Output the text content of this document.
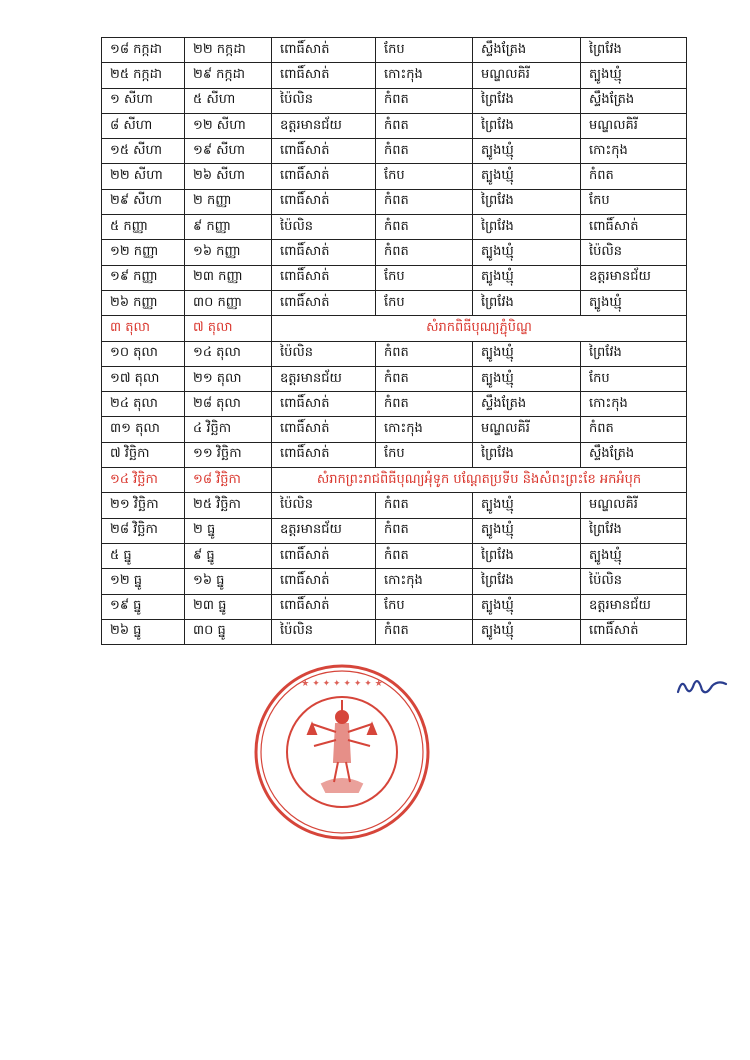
១៨ កក្កដា	២២ កក្កដា	ពោធិ៍សាត់	កែប	ស្ទឹងត្រែង	ព្រៃវែង
២៥ កក្កដា	២៩ កក្កដា	ពោធិ៍សាត់	កោះកុង	មណ្ឌលគិរី	ត្បូងឃ្មុំ
១ សីហា	៥ សីហា	ប៉ៃលិន	កំពត	ព្រៃវែង	ស្ទឹងត្រែង
៨ សីហា	១២ សីហា	ឧត្តរមានជ័យ	កំពត	ព្រៃវែង	មណ្ឌលគិរី
១៥ សីហា	១៩ សីហា	ពោធិ៍សាត់	កំពត	ត្បូងឃ្មុំ	កោះកុង
២២ សីហា	២៦ សីហា	ពោធិ៍សាត់	កែប	ត្បូងឃ្មុំ	កំពត
២៩ សីហា	២ កញ្ញា	ពោធិ៍សាត់	កំពត	ព្រៃវែង	កែប
៥ កញ្ញា	៩ កញ្ញា	ប៉ៃលិន	កំពត	ព្រៃវែង	ពោធិ៍សាត់
១២ កញ្ញា	១៦ កញ្ញា	ពោធិ៍សាត់	កំពត	ត្បូងឃ្មុំ	ប៉ៃលិន
១៩ កញ្ញា	២៣ កញ្ញា	ពោធិ៍សាត់	កែប	ត្បូងឃ្មុំ	ឧត្តរមានជ័យ
២៦ កញ្ញា	៣០ កញ្ញា	ពោធិ៍សាត់	កែប	ព្រៃវែង	ត្បូងឃ្មុំ
៣ តុលា	៧ តុលា	សំរាកពិធីបុណ្យភ្ជុំបិណ្ឌ			
១០ តុលា	១៤ តុលា	ប៉ៃលិន	កំពត	ត្បូងឃ្មុំ	ព្រៃវែង
១៧ តុលា	២១ តុលា	ឧត្តរមានជ័យ	កំពត	ត្បូងឃ្មុំ	កែប
២៤ តុលា	២៨ តុលា	ពោធិ៍សាត់	កំពត	ស្ទឹងត្រែង	កោះកុង
៣១ តុលា	៤ វិច្ឆិកា	ពោធិ៍សាត់	កោះកុង	មណ្ឌលគិរី	កំពត
៧ វិច្ឆិកា	១១ វិច្ឆិកា	ពោធិ៍សាត់	កែប	ព្រៃវែង	ស្ទឹងត្រែង
១៤ វិច្ឆិកា	១៨ វិច្ឆិកា	សំរាកព្រះរាជពិធីបុណ្យអុំទូក បណ្តែតប្រទីប និងសំពះព្រះខែ អកអំបុក			
២១ វិច្ឆិកា	២៥ វិច្ឆិកា	ប៉ៃលិន	កំពត	ត្បូងឃ្មុំ	មណ្ឌលគិរី
២៨ វិច្ឆិកា	២ ធ្នូ	ឧត្តរមានជ័យ	កំពត	ត្បូងឃ្មុំ	ព្រៃវែង
៥ ធ្នូ	៩ ធ្នូ	ពោធិ៍សាត់	កំពត	ព្រៃវែង	ត្បូងឃ្មុំ
១២ ធ្នូ	១៦ ធ្នូ	ពោធិ៍សាត់	កោះកុង	ព្រៃវែង	ប៉ៃលិន
១៩ ធ្នូ	២៣ ធ្នូ	ពោធិ៍សាត់	កែប	ត្បូងឃ្មុំ	ឧត្តរមានជ័យ
២៦ ធ្នូ	៣០ ធ្នូ	ប៉ៃលិន	កំពត	ត្បូងឃ្មុំ	ពោធិ៍សាត់
★ ✦ ✦ ✦ ✦ ✦ ✦ ★
